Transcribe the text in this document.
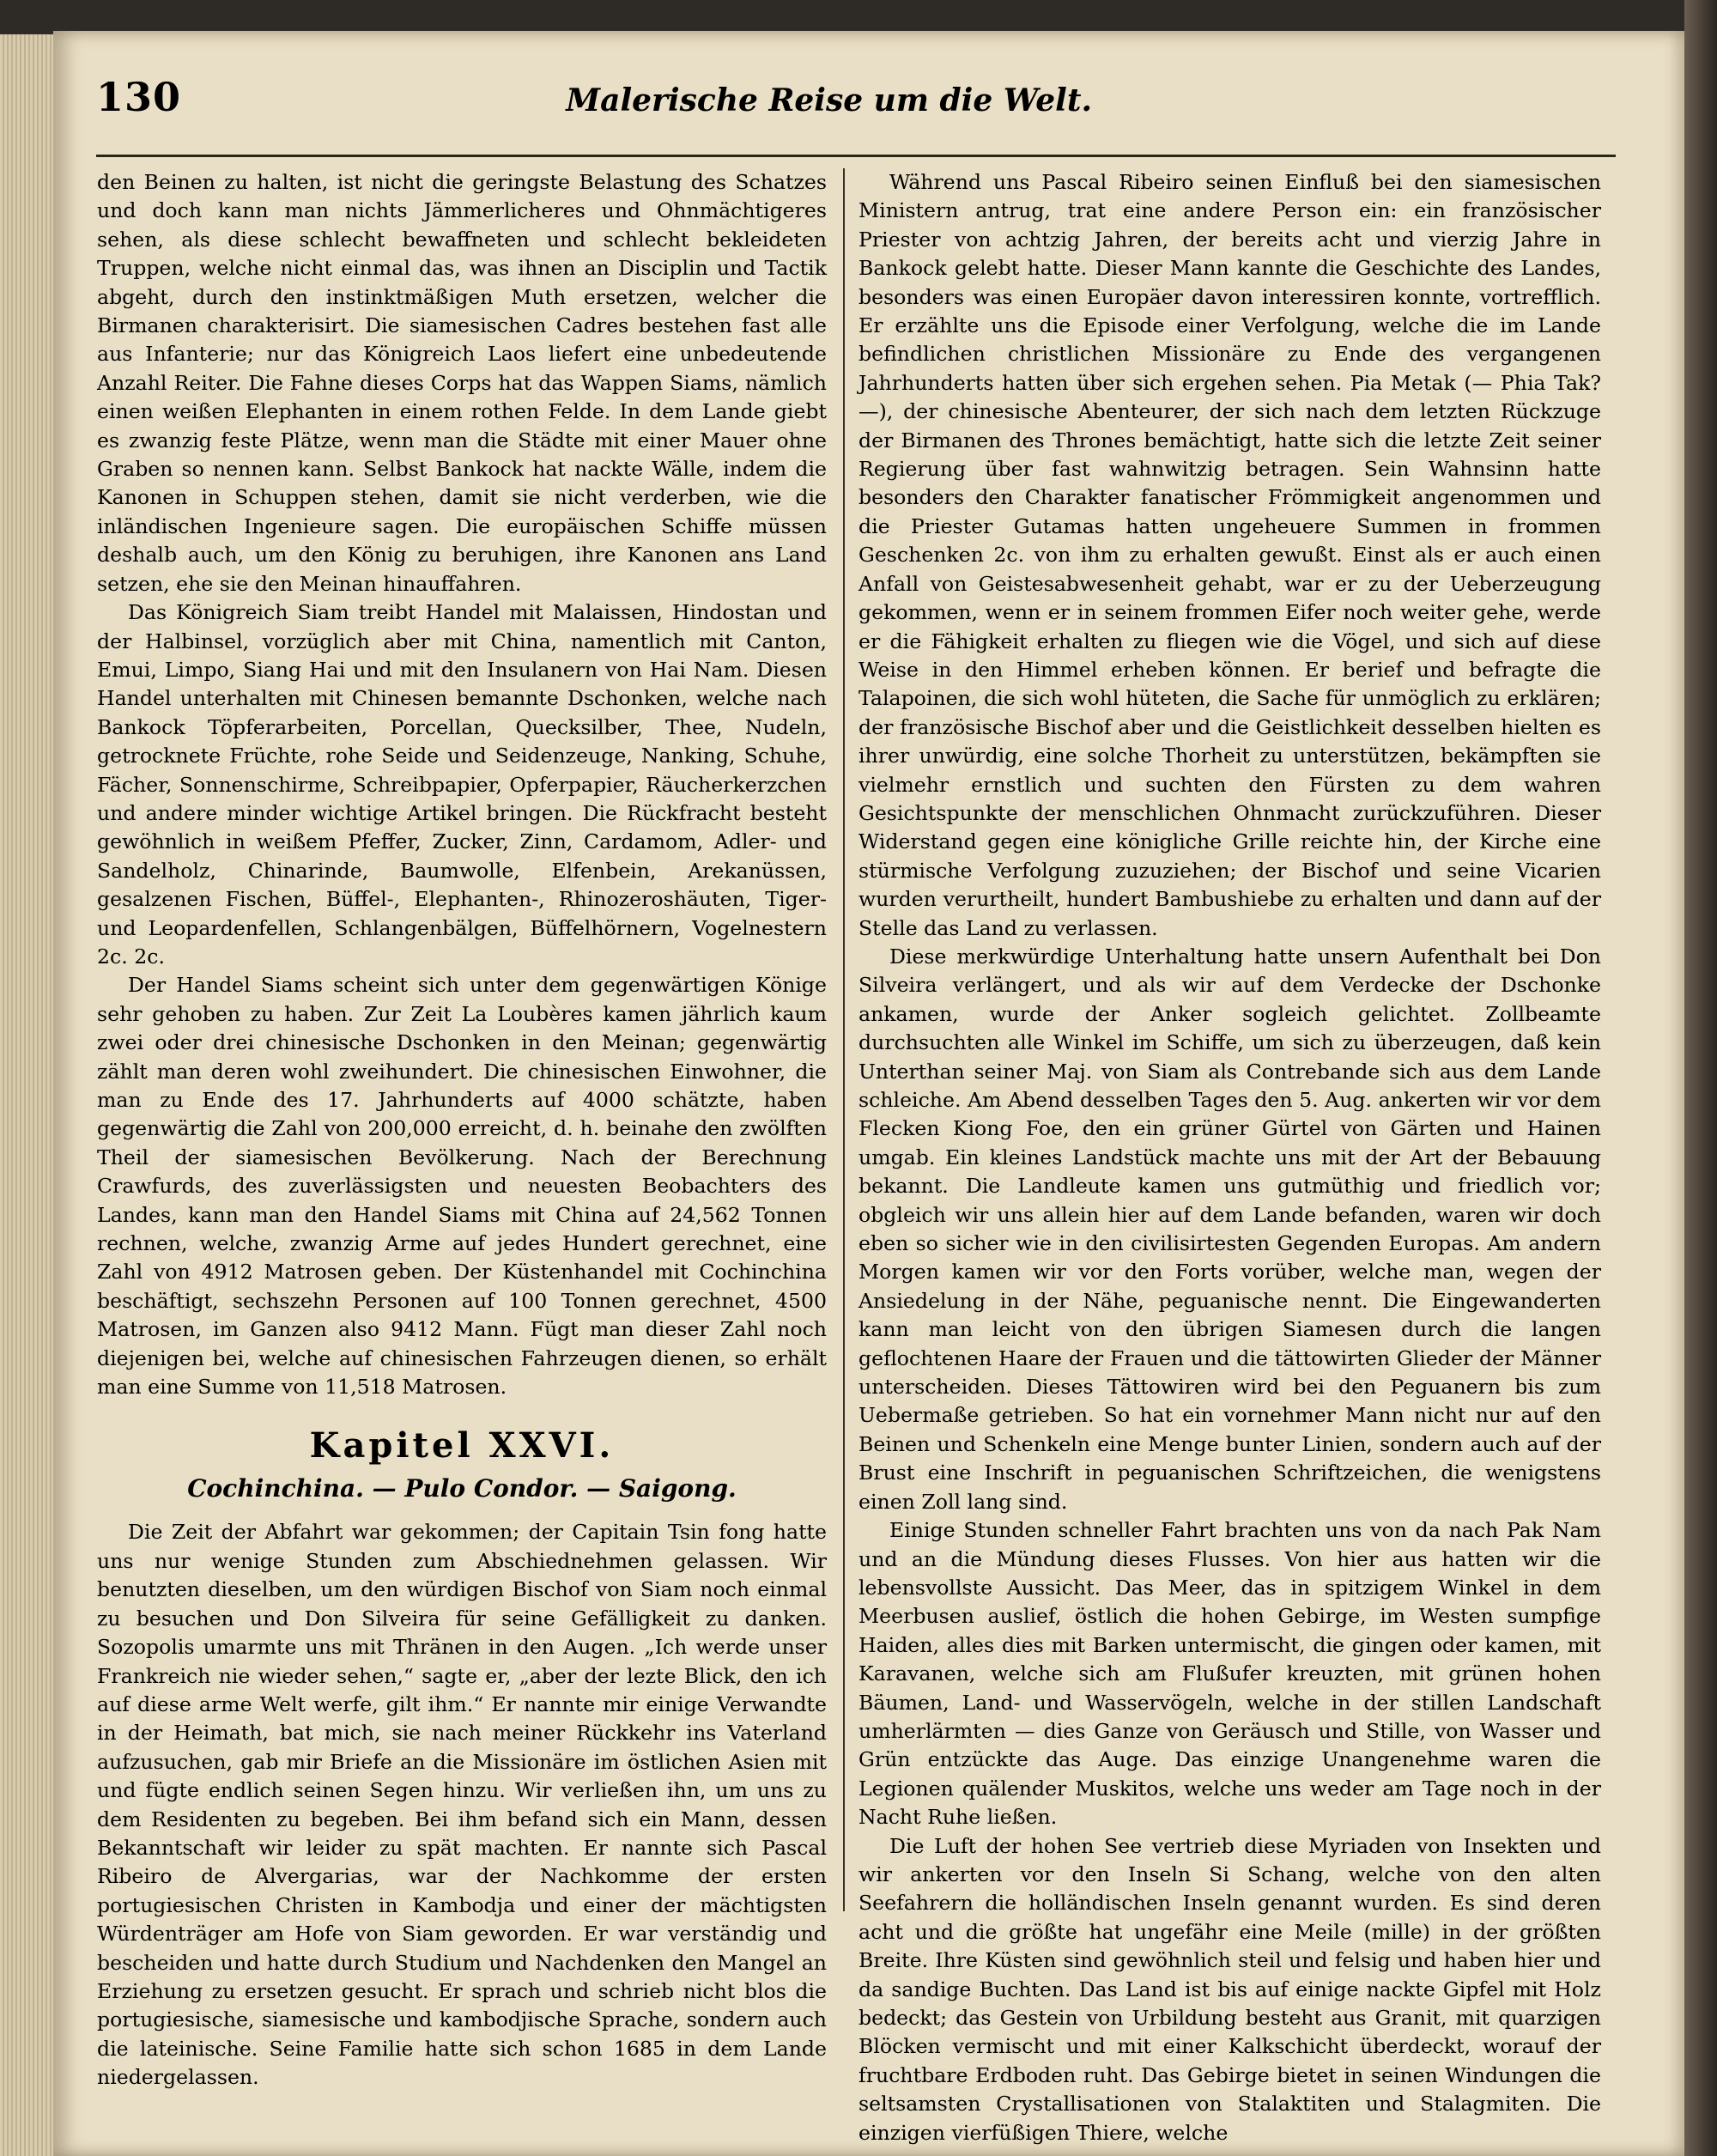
130	Malerische Reise um die Welt.

den Beinen zu halten, ist nicht die geringste Belastung des Schatzes und doch kann man nichts Jämmerlicheres und Ohnmächtigeres sehen, als diese schlecht bewaffneten und schlecht bekleideten Truppen, welche nicht einmal das, was ihnen an Disciplin und Tactik abgeht, durch den instinktmäßigen Muth ersetzen, welcher die Birmanen charakterisirt. Die siamesischen Cadres bestehen fast alle aus Infanterie; nur das Königreich Laos liefert eine unbedeutende Anzahl Reiter. Die Fahne dieses Corps hat das Wappen Siams, nämlich einen weißen Elephanten in einem rothen Felde. In dem Lande giebt es zwanzig feste Plätze, wenn man die Städte mit einer Mauer ohne Graben so nennen kann. Selbst Bankock hat nackte Wälle, indem die Kanonen in Schuppen stehen, damit sie nicht verderben, wie die inländischen Ingenieure sagen. Die europäischen Schiffe müssen deshalb auch, um den König zu beruhigen, ihre Kanonen ans Land setzen, ehe sie den Meinan hinauffahren.

Das Königreich Siam treibt Handel mit Malaissen, Hindostan und der Halbinsel, vorzüglich aber mit China, namentlich mit Canton, Emui, Limpo, Siang Hai und mit den Insulanern von Hai Nam. Diesen Handel unterhalten mit Chinesen bemannte Dschonken, welche nach Bankock Töpferarbeiten, Porcellan, Quecksilber, Thee, Nudeln, getrocknete Früchte, rohe Seide und Seidenzeuge, Nanking, Schuhe, Fächer, Sonnenschirme, Schreibpapier, Opferpapier, Räucherkerzchen und andere minder wichtige Artikel bringen. Die Rückfracht besteht gewöhnlich in weißem Pfeffer, Zucker, Zinn, Cardamom, Adler- und Sandelholz, Chinarinde, Baumwolle, Elfenbein, Arekanüssen, gesalzenen Fischen, Büffel-, Elephanten-, Rhinozeroshäuten, Tiger- und Leopardenfellen, Schlangenbälgen, Büffelhörnern, Vogelnestern 2c. 2c.

Der Handel Siams scheint sich unter dem gegenwärtigen Könige sehr gehoben zu haben. Zur Zeit La Loubères kamen jährlich kaum zwei oder drei chinesische Dschonken in den Meinan; gegenwärtig zählt man deren wohl zweihundert. Die chinesischen Einwohner, die man zu Ende des 17. Jahrhunderts auf 4000 schätzte, haben gegenwärtig die Zahl von 200,000 erreicht, d. h. beinahe den zwölften Theil der siamesischen Bevölkerung. Nach der Berechnung Crawfurds, des zuverlässigsten und neuesten Beobachters des Landes, kann man den Handel Siams mit China auf 24,562 Tonnen rechnen, welche, zwanzig Arme auf jedes Hundert gerechnet, eine Zahl von 4912 Matrosen geben. Der Küstenhandel mit Cochinchina beschäftigt, sechszehn Personen auf 100 Tonnen gerechnet, 4500 Matrosen, im Ganzen also 9412 Mann. Fügt man dieser Zahl noch diejenigen bei, welche auf chinesischen Fahrzeugen dienen, so erhält man eine Summe von 11,518 Matrosen.

Kapitel XXVI.
Cochinchina. — Pulo Condor. — Saigong.

Die Zeit der Abfahrt war gekommen; der Capitain Tsin fong hatte uns nur wenige Stunden zum Abschiednehmen gelassen. Wir benutzten dieselben, um den würdigen Bischof von Siam noch einmal zu besuchen und Don Silveira für seine Gefälligkeit zu danken. Sozopolis umarmte uns mit Thränen in den Augen. „Ich werde unser Frankreich nie wieder sehen,“ sagte er, „aber der lezte Blick, den ich auf diese arme Welt werfe, gilt ihm.“ Er nannte mir einige Verwandte in der Heimath, bat mich, sie nach meiner Rückkehr ins Vaterland aufzusuchen, gab mir Briefe an die Missionäre im östlichen Asien mit und fügte endlich seinen Segen hinzu. Wir verließen ihn, um uns zu dem Residenten zu begeben. Bei ihm befand sich ein Mann, dessen Bekanntschaft wir leider zu spät machten. Er nannte sich Pascal Ribeiro de Alvergarias, war der Nachkomme der ersten portugiesischen Christen in Kambodja und einer der mächtigsten Würdenträger am Hofe von Siam geworden. Er war verständig und bescheiden und hatte durch Studium und Nachdenken den Mangel an Erziehung zu ersetzen gesucht. Er sprach und schrieb nicht blos die portugiesische, siamesische und kambodjische Sprache, sondern auch die lateinische. Seine Familie hatte sich schon 1685 in dem Lande niedergelassen.

Während uns Pascal Ribeiro seinen Einfluß bei den siamesischen Ministern antrug, trat eine andere Person ein: ein französischer Priester von achtzig Jahren, der bereits acht und vierzig Jahre in Bankock gelebt hatte. Dieser Mann kannte die Geschichte des Landes, besonders was einen Europäer davon interessiren konnte, vortrefflich. Er erzählte uns die Episode einer Verfolgung, welche die im Lande befindlichen christlichen Missionäre zu Ende des vergangenen Jahrhunderts hatten über sich ergehen sehen. Pia Metak (— Phia Tak? —), der chinesische Abenteurer, der sich nach dem letzten Rückzuge der Birmanen des Thrones bemächtigt, hatte sich die letzte Zeit seiner Regierung über fast wahnwitzig betragen. Sein Wahnsinn hatte besonders den Charakter fanatischer Frömmigkeit angenommen und die Priester Gutamas hatten ungeheuere Summen in frommen Geschenken 2c. von ihm zu erhalten gewußt. Einst als er auch einen Anfall von Geistesabwesenheit gehabt, war er zu der Ueberzeugung gekommen, wenn er in seinem frommen Eifer noch weiter gehe, werde er die Fähigkeit erhalten zu fliegen wie die Vögel, und sich auf diese Weise in den Himmel erheben können. Er berief und befragte die Talapoinen, die sich wohl hüteten, die Sache für unmöglich zu erklären; der französische Bischof aber und die Geistlichkeit desselben hielten es ihrer unwürdig, eine solche Thorheit zu unterstützen, bekämpften sie vielmehr ernstlich und suchten den Fürsten zu dem wahren Gesichtspunkte der menschlichen Ohnmacht zurückzuführen. Dieser Widerstand gegen eine königliche Grille reichte hin, der Kirche eine stürmische Verfolgung zuzuziehen; der Bischof und seine Vicarien wurden verurtheilt, hundert Bambushiebe zu erhalten und dann auf der Stelle das Land zu verlassen.

Diese merkwürdige Unterhaltung hatte unsern Aufenthalt bei Don Silveira verlängert, und als wir auf dem Verdecke der Dschonke ankamen, wurde der Anker sogleich gelichtet. Zollbeamte durchsuchten alle Winkel im Schiffe, um sich zu überzeugen, daß kein Unterthan seiner Maj. von Siam als Contrebande sich aus dem Lande schleiche. Am Abend desselben Tages den 5. Aug. ankerten wir vor dem Flecken Kiong Foe, den ein grüner Gürtel von Gärten und Hainen umgab. Ein kleines Landstück machte uns mit der Art der Bebauung bekannt. Die Landleute kamen uns gutmüthig und friedlich vor; obgleich wir uns allein hier auf dem Lande befanden, waren wir doch eben so sicher wie in den civilisirtesten Gegenden Europas. Am andern Morgen kamen wir vor den Forts vorüber, welche man, wegen der Ansiedelung in der Nähe, peguanische nennt. Die Eingewanderten kann man leicht von den übrigen Siamesen durch die langen geflochtenen Haare der Frauen und die tättowirten Glieder der Männer unterscheiden. Dieses Tättowiren wird bei den Peguanern bis zum Uebermaße getrieben. So hat ein vornehmer Mann nicht nur auf den Beinen und Schenkeln eine Menge bunter Linien, sondern auch auf der Brust eine Inschrift in peguanischen Schriftzeichen, die wenigstens einen Zoll lang sind.

Einige Stunden schneller Fahrt brachten uns von da nach Pak Nam und an die Mündung dieses Flusses. Von hier aus hatten wir die lebensvollste Aussicht. Das Meer, das in spitzigem Winkel in dem Meerbusen auslief, östlich die hohen Gebirge, im Westen sumpfige Haiden, alles dies mit Barken untermischt, die gingen oder kamen, mit Karavanen, welche sich am Flußufer kreuzten, mit grünen hohen Bäumen, Land- und Wasservögeln, welche in der stillen Landschaft umherlärmten — dies Ganze von Geräusch und Stille, von Wasser und Grün entzückte das Auge. Das einzige Unangenehme waren die Legionen quälender Muskitos, welche uns weder am Tage noch in der Nacht Ruhe ließen.

Die Luft der hohen See vertrieb diese Myriaden von Insekten und wir ankerten vor den Inseln Si Schang, welche von den alten Seefahrern die holländischen Inseln genannt wurden. Es sind deren acht und die größte hat ungefähr eine Meile (mille) in der größten Breite. Ihre Küsten sind gewöhnlich steil und felsig und haben hier und da sandige Buchten. Das Land ist bis auf einige nackte Gipfel mit Holz bedeckt; das Gestein von Urbildung besteht aus Granit, mit quarzigen Blöcken vermischt und mit einer Kalkschicht überdeckt, worauf der fruchtbare Erdboden ruht. Das Gebirge bietet in seinen Windungen die seltsamsten Crystallisationen von Stalaktiten und Stalagmiten. Die einzigen vierfüßigen Thiere, welche
